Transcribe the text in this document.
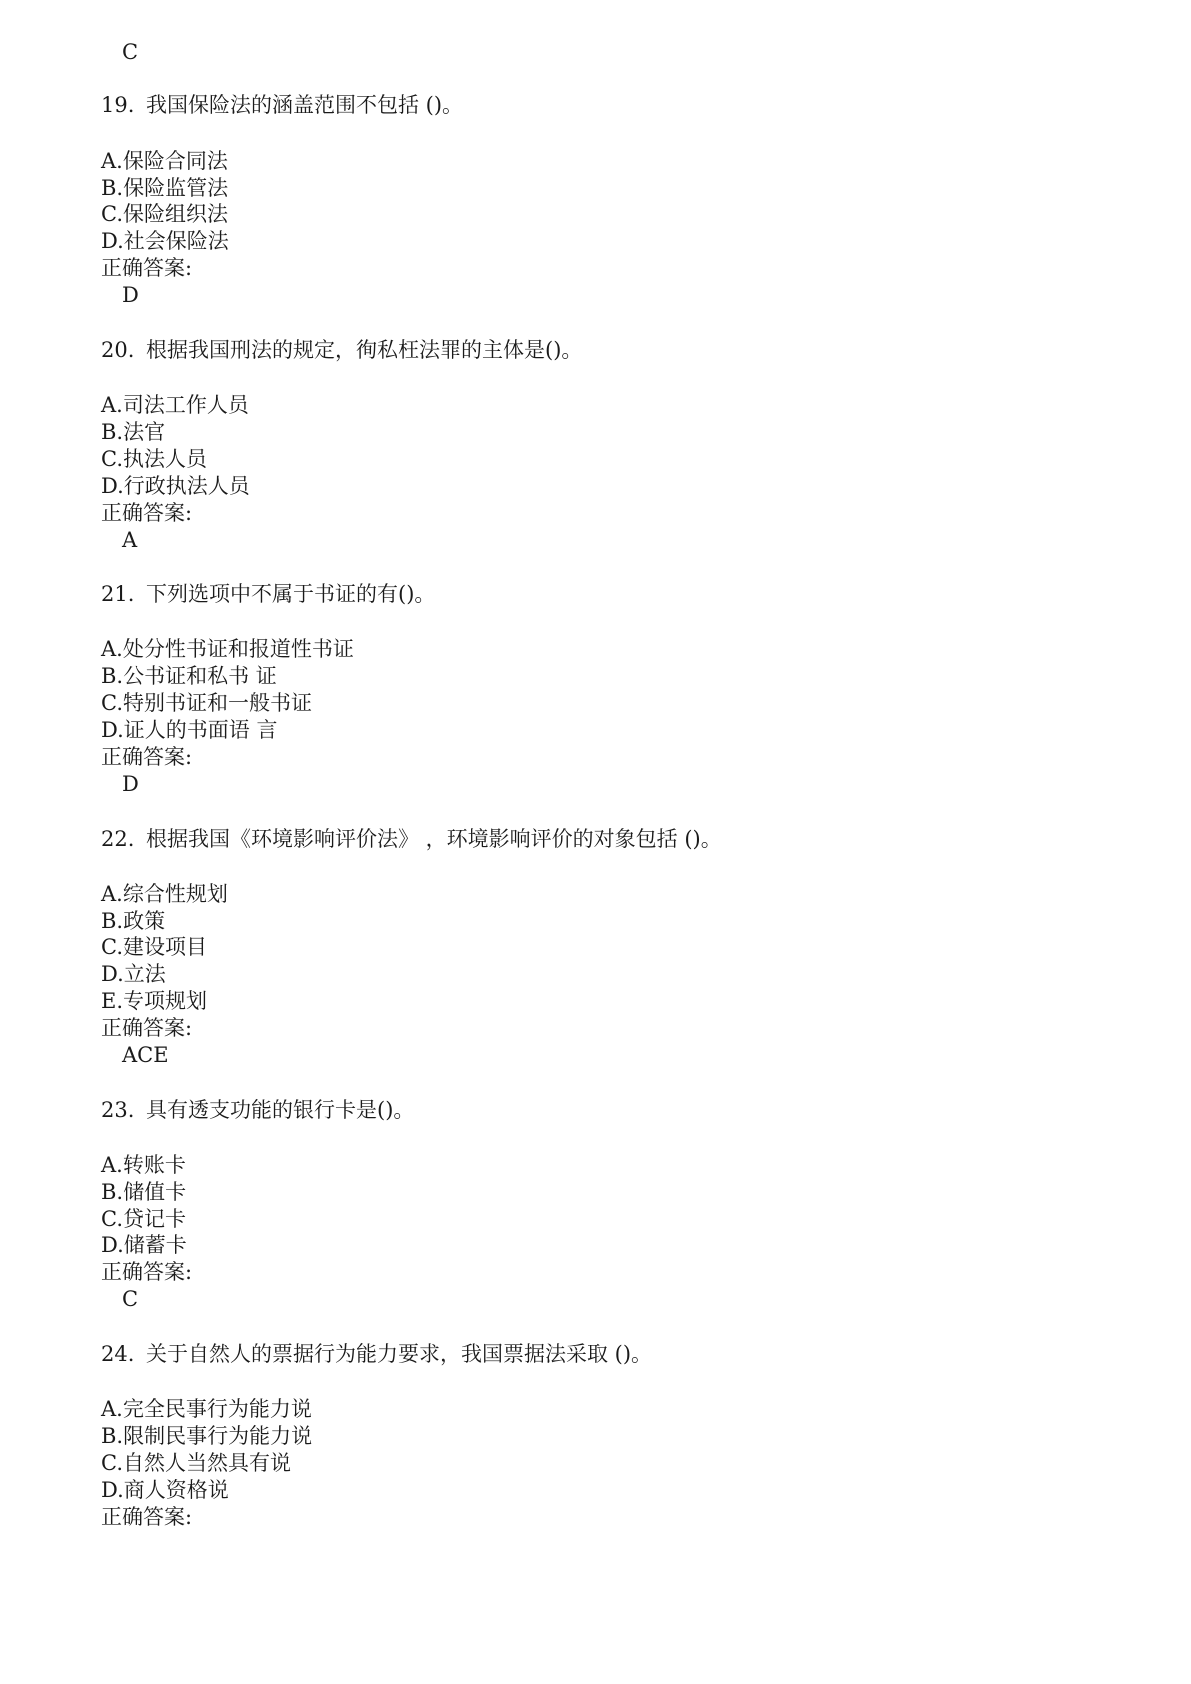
C
19. 我国保险法的涵盖范围不包括 ()。
A.保险合同法
B.保险监管法
C.保险组织法
D.社会保险法
正确答案:
D
20. 根据我国刑法的规定，徇私枉法罪的主体是()。
A.司法工作人员
B.法官
C.执法人员
D.行政执法人员
正确答案:
A
21. 下列选项中不属于书证的有()。
A.处分性书证和报道性书证
B.公书证和私书 证
C.特别书证和一般书证
D.证人的书面语 言
正确答案:
D
22. 根据我国《环境影响评价法》 ，环境影响评价的对象包括 ()。
A.综合性规划
B.政策
C.建设项目
D.立法
E.专项规划
正确答案:
ACE
23. 具有透支功能的银行卡是()。
A.转账卡
B.储值卡
C.贷记卡
D.储蓄卡
正确答案:
C
24. 关于自然人的票据行为能力要求，我国票据法采取 ()。
A.完全民事行为能力说
B.限制民事行为能力说
C.自然人当然具有说
D.商人资格说
正确答案:
